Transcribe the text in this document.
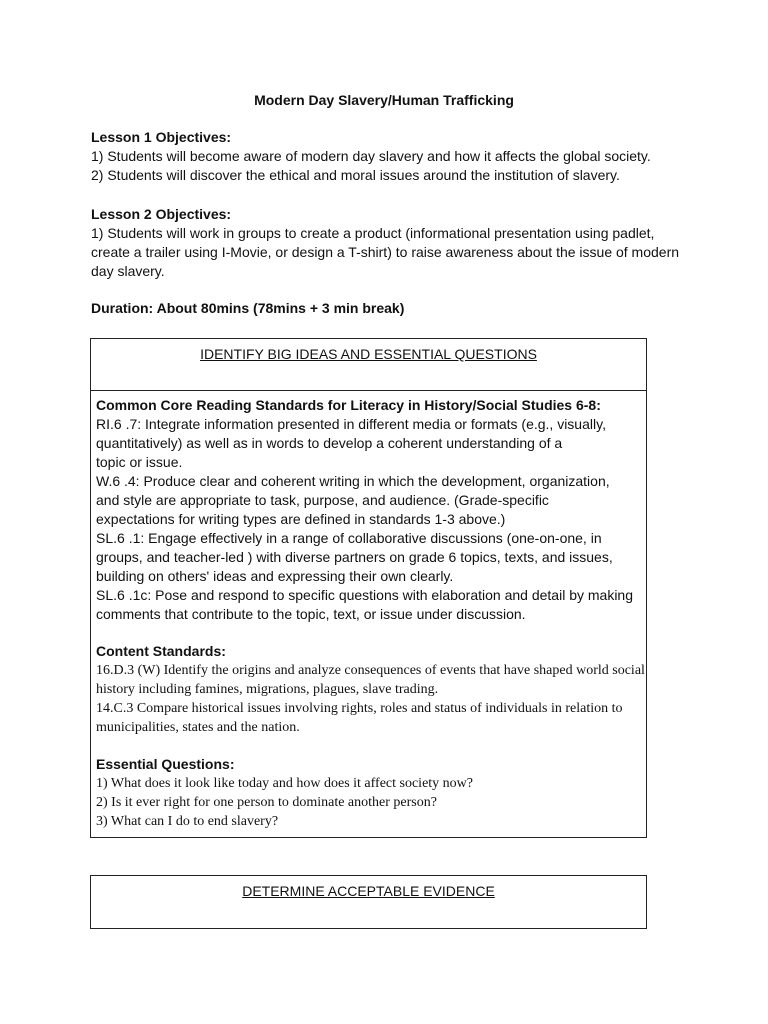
Modern Day Slavery/Human Trafficking
Lesson 1 Objectives:
1) Students will become aware of modern day slavery and how it affects the global society.
2) Students will discover the ethical and moral issues around the institution of slavery.
Lesson 2 Objectives:
1) Students will work in groups to create a product (informational presentation using padlet,
create a trailer using I-Movie, or design a T-shirt) to raise awareness about the issue of modern
day slavery.
Duration: About 80mins (78mins + 3 min break)
IDENTIFY BIG IDEAS AND ESSENTIAL QUESTIONS
Common Core Reading Standards for Literacy in History/Social Studies 6-8:
RI.6 .7: Integrate information presented in different media or formats (e.g., visually,
quantitatively) as well as in words to develop a coherent understanding of a
topic or issue.
W.6 .4: Produce clear and coherent writing in which the development, organization,
and style are appropriate to task, purpose, and audience. (Grade-specific
expectations for writing types are defined in standards 1-3 above.)
SL.6 .1: Engage effectively in a range of collaborative discussions (one-on-one, in
groups, and teacher-led ) with diverse partners on grade 6 topics, texts, and issues,
building on others' ideas and expressing their own clearly.
SL.6 .1c: Pose and respond to specific questions with elaboration and detail by making
comments that contribute to the topic, text, or issue under discussion.
Content Standards:
16.D.3 (W) Identify the origins and analyze consequences of events that have shaped world social
history including famines, migrations, plagues, slave trading.
14.C.3 Compare historical issues involving rights, roles and status of individuals in relation to
municipalities, states and the nation.
Essential Questions:
1) What does it look like today and how does it affect society now?
2) Is it ever right for one person to dominate another person?
3) What can I do to end slavery?
DETERMINE ACCEPTABLE EVIDENCE
